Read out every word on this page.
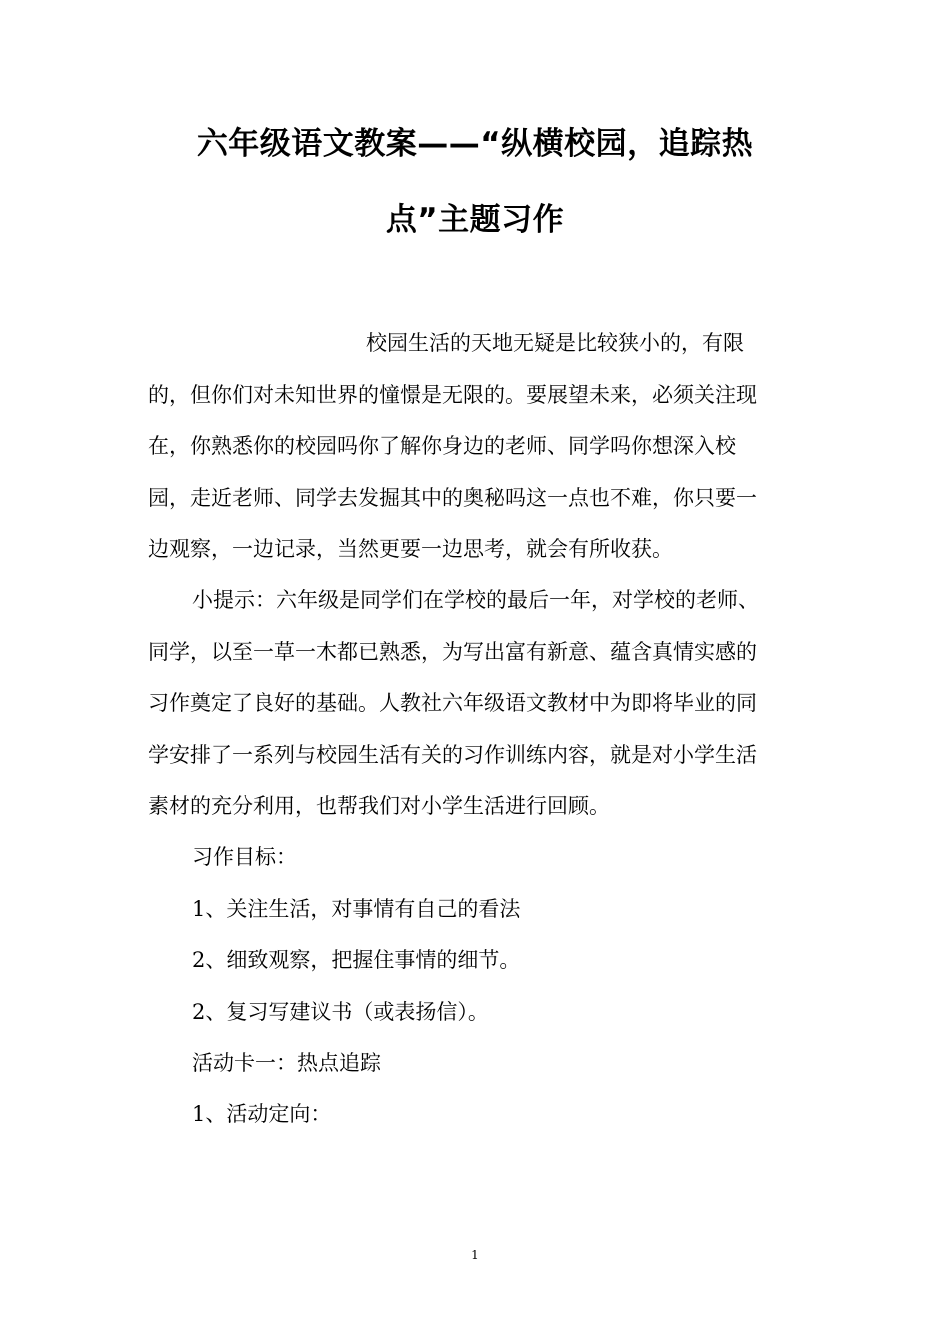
六年级语文教案——“纵横校园，追踪热
点”主题习作
校园生活的天地无疑是比较狭小的，有限
的，但你们对未知世界的憧憬是无限的。要展望未来，必须关注现
在，你熟悉你的校园吗你了解你身边的老师、同学吗你想深入校
园，走近老师、同学去发掘其中的奥秘吗这一点也不难，你只要一
边观察，一边记录，当然更要一边思考，就会有所收获。
小提示：六年级是同学们在学校的最后一年，对学校的老师、
同学，以至一草一木都已熟悉，为写出富有新意、蕴含真情实感的
习作奠定了良好的基础。人教社六年级语文教材中为即将毕业的同
学安排了一系列与校园生活有关的习作训练内容，就是对小学生活
素材的充分利用，也帮我们对小学生活进行回顾。
习作目标：
1、关注生活，对事情有自己的看法
2、细致观察，把握住事情的细节。
2、复习写建议书（或表扬信）。
活动卡一：热点追踪
1、活动定向：
1
